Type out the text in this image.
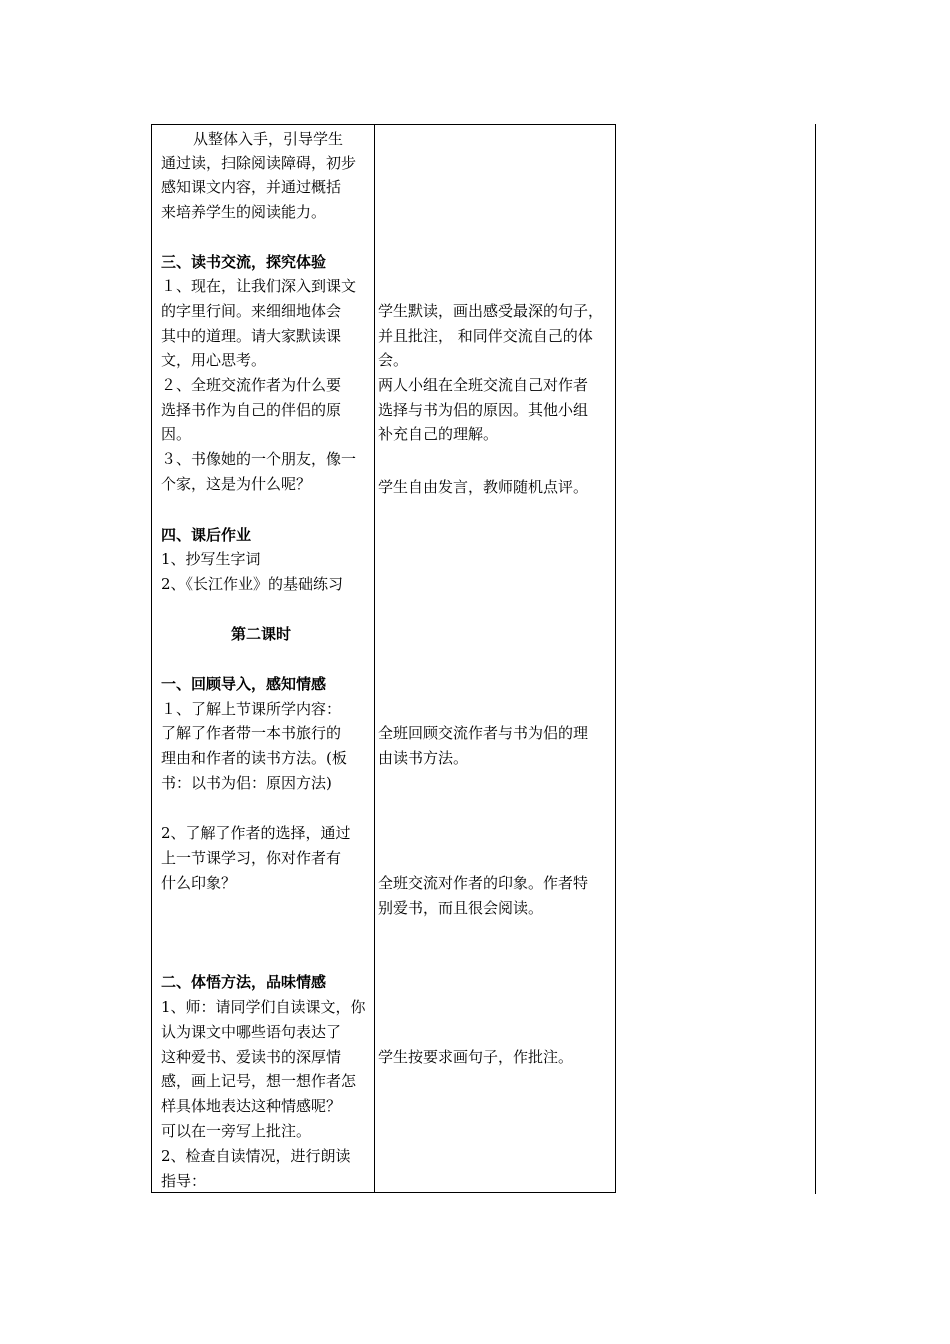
从整体入手，引导学生
通过读，扫除阅读障碍，初步
感知课文内容，并通过概括
来培养学生的阅读能力。
三、读书交流，探究体验
１、现在，让我们深入到课文
的字里行间。来细细地体会
其中的道理。请大家默读课
文，用心思考。
２、全班交流作者为什么要
选择书作为自己的伴侣的原
因。
３、书像她的一个朋友，像一
个家，这是为什么呢？
四、课后作业
1、抄写生字词
2、《长江作业》的基础练习
第二课时
一、回顾导入，感知情感
１、了解上节课所学内容：
了解了作者带一本书旅行的
理由和作者的读书方法。(板
书：以书为侣：原因方法)
2、了解了作者的选择，通过
上一节课学习，你对作者有
什么印象？
二、体悟方法，品味情感
1、师：请同学们自读课文，你
认为课文中哪些语句表达了
这种爱书、爱读书的深厚情
感，画上记号，想一想作者怎
样具体地表达这种情感呢？
可以在一旁写上批注。
2、检查自读情况，进行朗读
指导：
学生默读，画出感受最深的句子，
并且批注， 和同伴交流自己的体
会。
两人小组在全班交流自己对作者
选择与书为侣的原因。其他小组
补充自己的理解。
学生自由发言，教师随机点评。
全班回顾交流作者与书为侣的理
由读书方法。
全班交流对作者的印象。作者特
别爱书，而且很会阅读。
学生按要求画句子，作批注。
